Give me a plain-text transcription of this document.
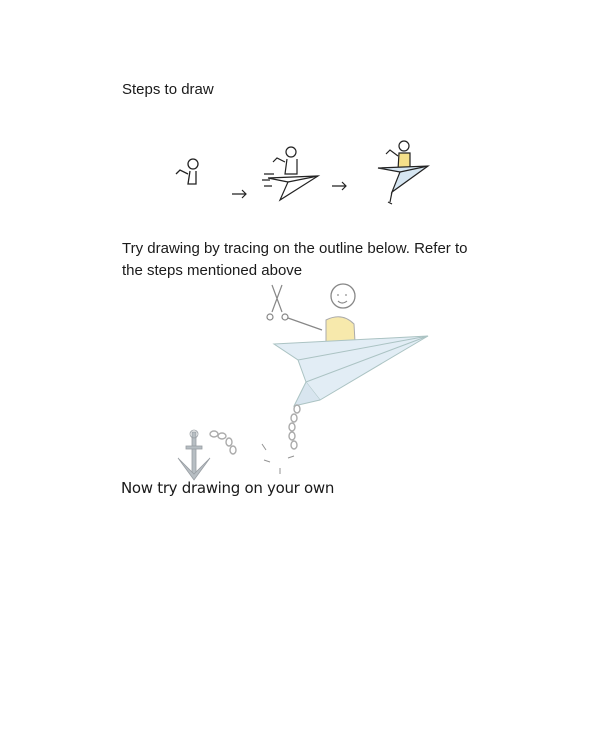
Steps to draw
Try drawing by tracing on the outline below. Refer to the steps mentioned above
Now try drawing on your own
